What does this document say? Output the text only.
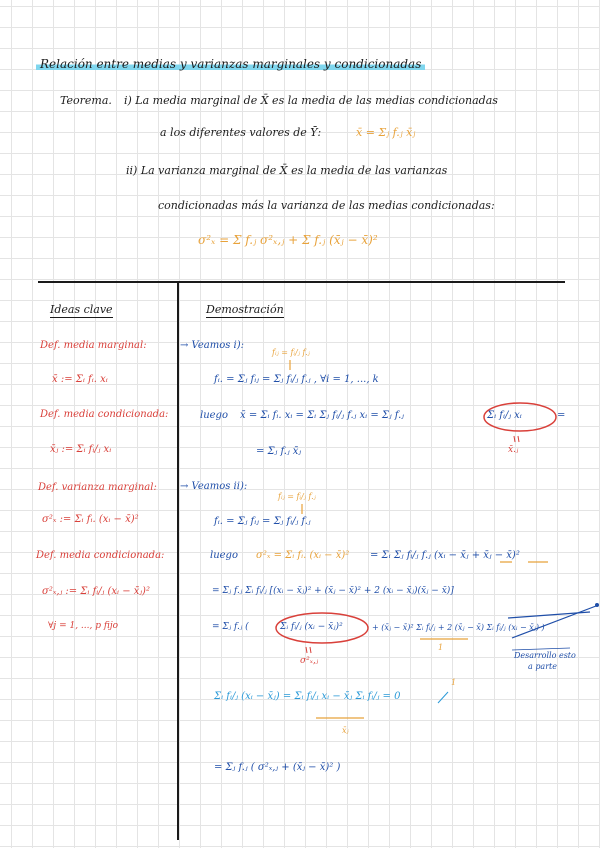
Relación entre medias y varianzas marginales y condicionadas
Teorema. i) La media marginal de X̄ es la media de las medias condicionadas
a los diferentes valores de Ȳ:	x̄ = Σⱼ f.ⱼ x̄ⱼ
ii) La varianza marginal de X̄ es la media de las varianzas
condicionadas más la varianza de las medias condicionadas:
σ²ₓ = Σ f.ⱼ σ²ₓ,ⱼ + Σ f.ⱼ (x̄ⱼ − x̄)²
Ideas clave
Def. media marginal:
x̄ := Σᵢ fᵢ. xᵢ
Def. media condicionada:
x̄ⱼ := Σᵢ fᵢ/ⱼ xᵢ
Def. varianza marginal:
σ²ₓ := Σᵢ fᵢ. (xᵢ − x̄)²
Def. media condicionada:
σ²ₓ,ⱼ := Σᵢ fᵢ/ⱼ (xᵢ − x̄ⱼ)²
∀j = 1, ..., p fijo
Demostración
→ Veamos i):
fᵢⱼ = fᵢ/ⱼ f.ⱼ
fᵢ. = Σⱼ fᵢⱼ = Σⱼ fᵢ/ⱼ f.ⱼ , ∀i = 1, ..., k
luego x̄ = Σᵢ fᵢ. xᵢ = Σᵢ Σⱼ fᵢ/ⱼ f.ⱼ xᵢ = Σⱼ f.ⱼ	Σᵢ fᵢ/ⱼ xᵢ	=
x̄.ⱼ
= Σⱼ f.ⱼ x̄ⱼ
→ Veamos ii):
fᵢⱼ = fᵢ/ⱼ f.ⱼ
fᵢ. = Σⱼ fᵢⱼ = Σⱼ fᵢ/ⱼ f.ⱼ
luego σ²ₓ = Σᵢ fᵢ. (xᵢ − x̄)² = Σᵢ Σⱼ fᵢ/ⱼ f.ⱼ (xᵢ − x̄ⱼ + x̄ⱼ − x̄)²
= Σⱼ f.ⱼ Σᵢ fᵢ/ⱼ [(xᵢ − x̄ⱼ)² + (x̄ⱼ − x̄)² + 2 (xᵢ − x̄ⱼ)(x̄ⱼ − x̄)]
= Σⱼ f.ⱼ (	Σᵢ fᵢ/ⱼ (xᵢ − x̄ⱼ)²	+ (x̄ⱼ − x̄)² Σᵢ fᵢ/ⱼ + 2 (x̄ⱼ − x̄) Σᵢ fᵢ/ⱼ (xᵢ − x̄ⱼ) )
σ²ₓ,ⱼ
1
Desarrollo esto
a parte
Σᵢ fᵢ/ⱼ (xᵢ − x̄ⱼ) = Σᵢ fᵢ/ⱼ xᵢ − x̄ⱼ Σᵢ fᵢ/ⱼ = 0
x̄ⱼ
1
= Σⱼ f.ⱼ ( σ²ₓ,ⱼ + (x̄ⱼ − x̄)² )
